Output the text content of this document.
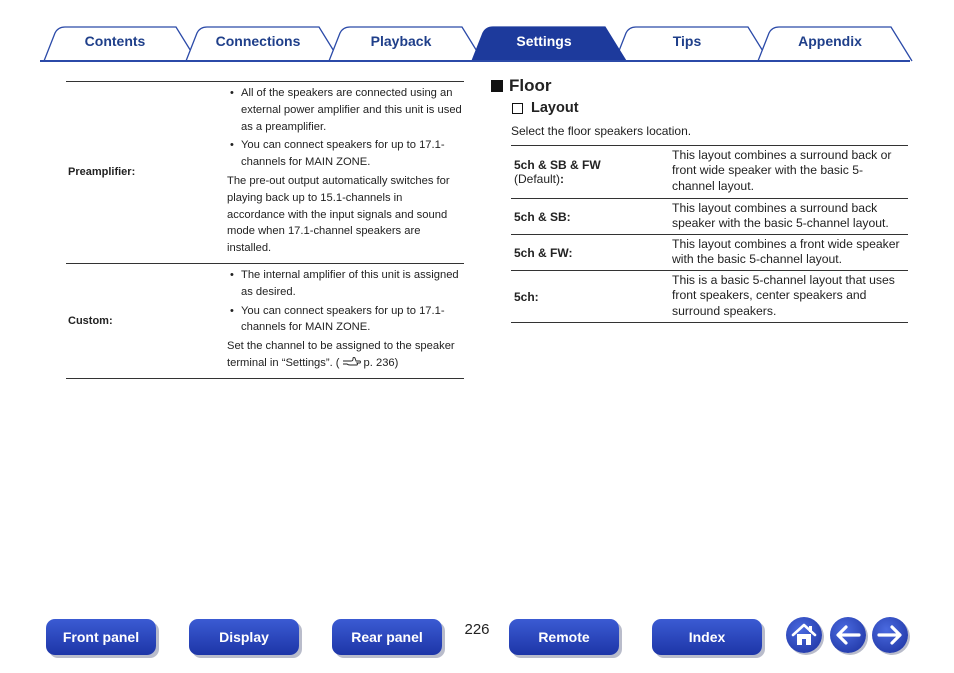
Contents	Connections	Playback	Settings	Tips	Appendix
Preamplifier:
• All of the speakers are connected using an external power amplifier and this unit is used as a preamplifier.
• You can connect speakers for up to 17.1-channels for MAIN ZONE.
The pre-out output automatically switches for playing back up to 15.1-channels in accordance with the input signals and sound mode when 17.1-channel speakers are installed.
Custom:
• The internal amplifier of this unit is assigned as desired.
• You can connect speakers for up to 17.1-channels for MAIN ZONE.
Set the channel to be assigned to the speaker terminal in “Settings”. ( p. 236)
Floor
Layout
Select the floor speakers location.
5ch & SB & FW
(Default):
This layout combines a surround back or front wide speaker with the basic 5-channel layout.
5ch & SB:
This layout combines a surround back speaker with the basic 5-channel layout.
5ch & FW:
This layout combines a front wide speaker with the basic 5-channel layout.
5ch:
This is a basic 5-channel layout that uses front speakers, center speakers and surround speakers.
Front panel	Display	Rear panel	226	Remote	Index
